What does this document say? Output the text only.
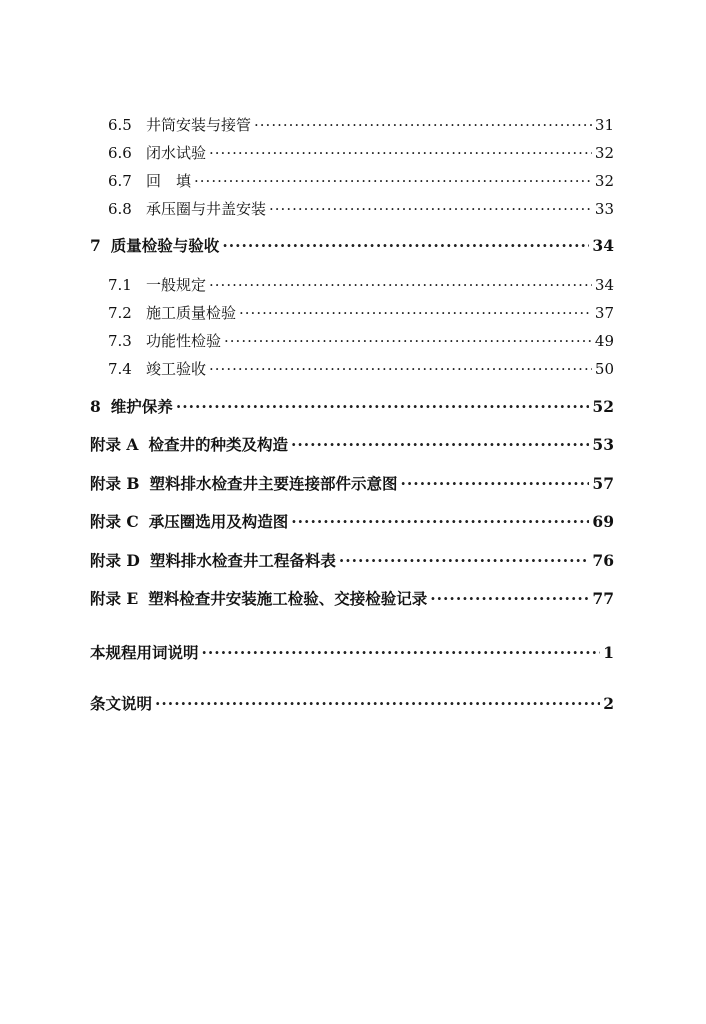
6.5 井筒安装与接管 ·····	31
6.6 闭水试验 ·····	32
6.7 回　填 ·····	32
6.8 承压圈与井盖安装 ·····	33
7 质量检验与验收 ·····	34
7.1 一般规定 ·····	34
7.2 施工质量检验 ·····	37
7.3 功能性检验 ·····	49
7.4 竣工验收 ·····	50
8 维护保养 ·····	52
附录 A 检查井的种类及构造 ·····	53
附录 B 塑料排水检查井主要连接部件示意图 ·····	57
附录 C 承压圈选用及构造图 ·····	69
附录 D 塑料排水检查井工程备料表 ·····	76
附录 E 塑料检查井安装施工检验、交接检验记录 ·····	77
本规程用词说明 ·····	1
条文说明 ·····	2
